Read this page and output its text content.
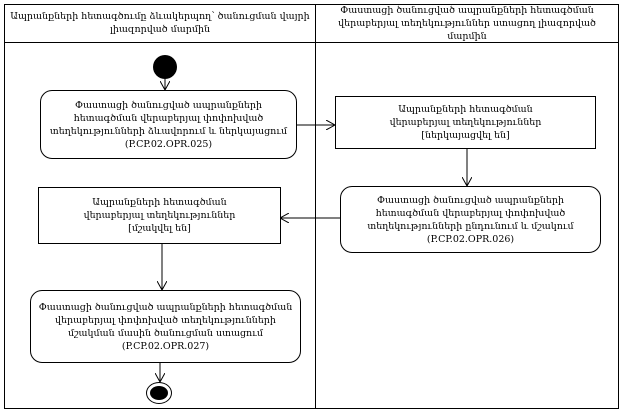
Ապրանքների հետագծումը ձևակերպող՝ ծանուցման վայրի լիազորված մարմին
Փաստացի ծանուցված ապրանքների հետագծման վերաբերյալ տեղեկություններ ստացող լիազորված մարմին
Փաստացի ծանուցված ապրանքների հետագծման վերաբերյալ փոփոխված տեղեկությունների ձևավորում և ներկայացում
(P.CP.02.OPR.025)
Ապրանքների հետագծման վերաբերյալ տեղեկություններ
[ներկայացվել են]
Փաստացի ծանուցված ապրանքների հետագծման վերաբերյալ փոփոխված տեղեկությունների ընդունում և մշակում
(P.CP.02.OPR.026)
Ապրանքների հետագծման վերաբերյալ տեղեկություններ
[մշակվել են]
Փաստացի ծանուցված ապրանքների հետագծման վերաբերյալ փոփոխված տեղեկությունների մշակման մասին ծանուցման ստացում
(P.CP.02.OPR.027)
